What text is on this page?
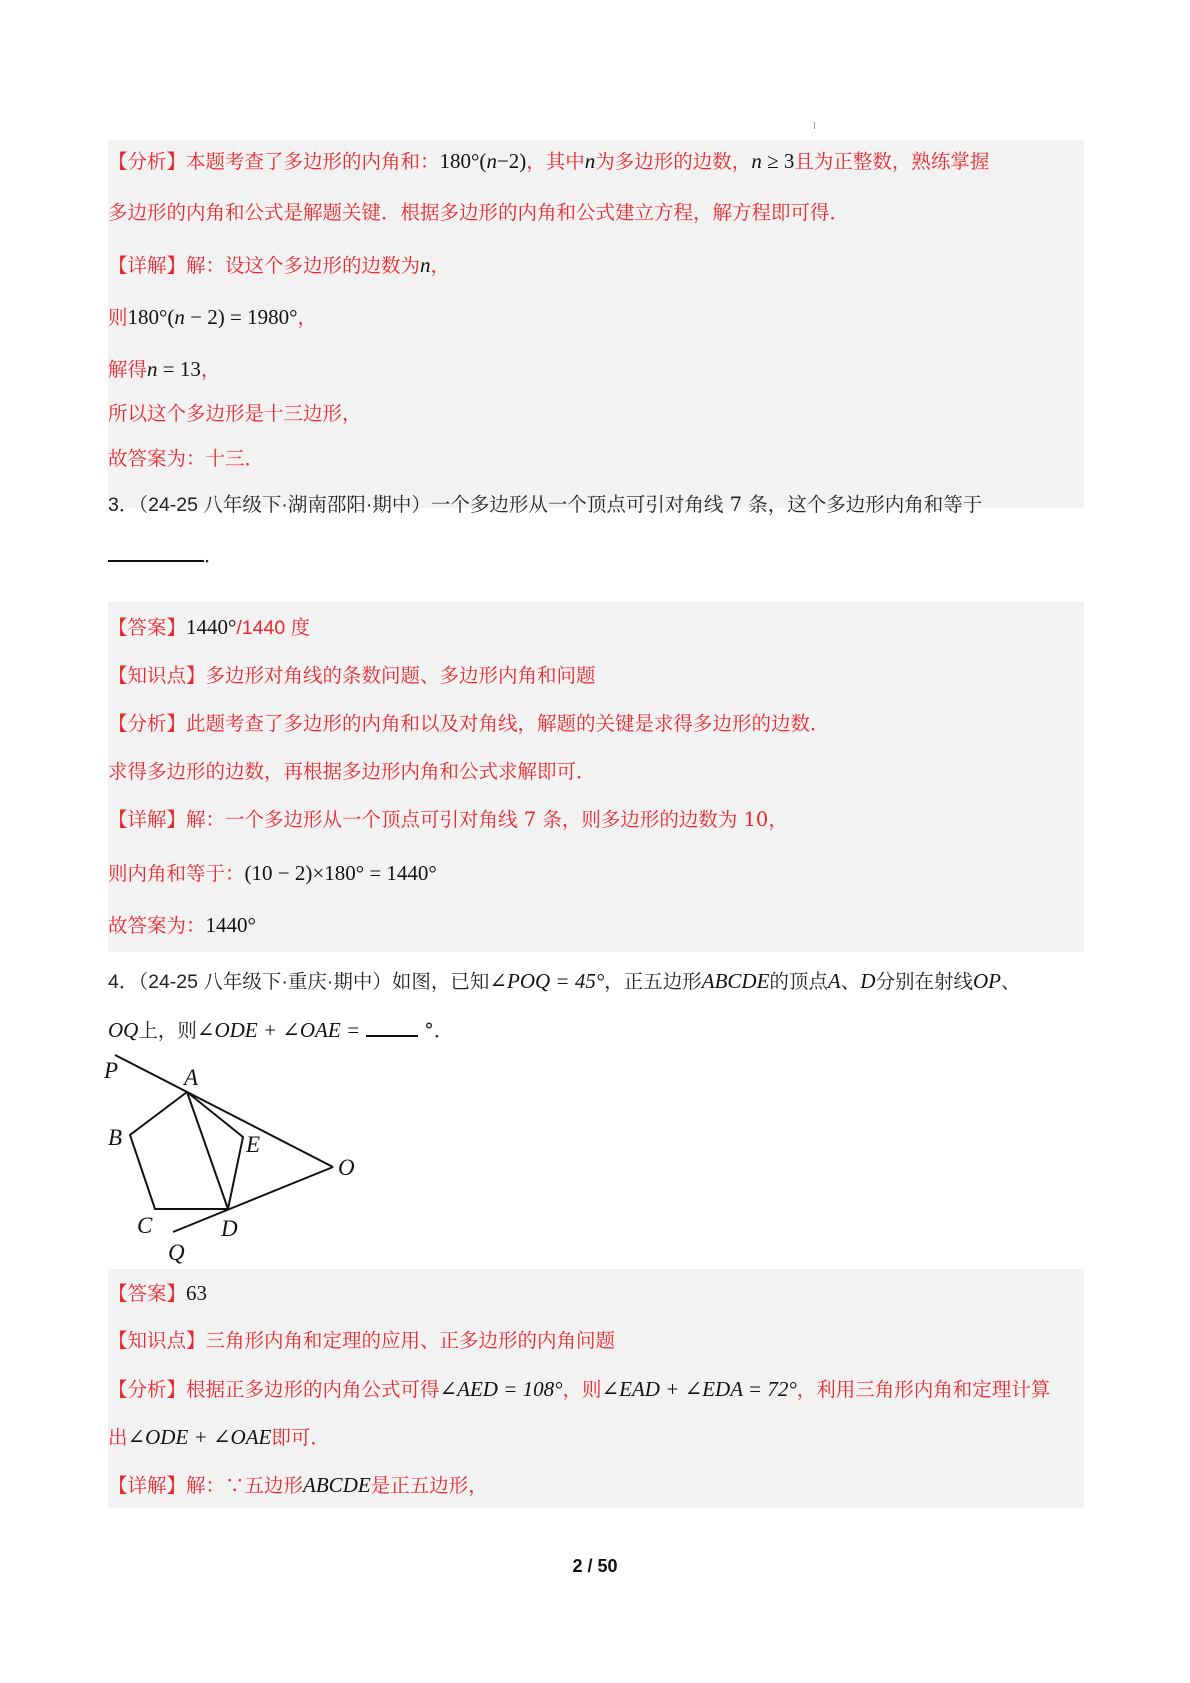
【分析】本题考查了多边形的内角和：180°(n−2)，其中n为多边形的边数，n ≥ 3且为正整数，熟练掌握
多边形的内角和公式是解题关键．根据多边形的内角和公式建立方程，解方程即可得．
【详解】解：设这个多边形的边数为n，
则180°(n − 2) = 1980°，
解得n = 13，
所以这个多边形是十三边形，
故答案为：十三．
3．（24-25 八年级下·湖南邵阳·期中）一个多边形从一个顶点可引对角线 7 条，这个多边形内角和等于
．
【答案】1440°/1440 度
【知识点】多边形对角线的条数问题、多边形内角和问题
【分析】此题考查了多边形的内角和以及对角线，解题的关键是求得多边形的边数．
求得多边形的边数，再根据多边形内角和公式求解即可．
【详解】解：一个多边形从一个顶点可引对角线 7 条，则多边形的边数为 10，
则内角和等于：(10 − 2)×180° = 1440°
故答案为：1440°
4．（24-25 八年级下·重庆·期中）如图，已知∠POQ = 45°，正五边形ABCDE的顶点A、D分别在射线OP、
OQ上，则∠ODE + ∠OAE =	°．
P	A
B	E
O
C	D
Q
【答案】63
【知识点】三角形内角和定理的应用、正多边形的内角问题
【分析】根据正多边形的内角公式可得∠AED = 108°，则∠EAD + ∠EDA = 72°，利用三角形内角和定理计算
出∠ODE + ∠OAE即可．
【详解】解：∵五边形ABCDE是正五边形，
2 / 50
